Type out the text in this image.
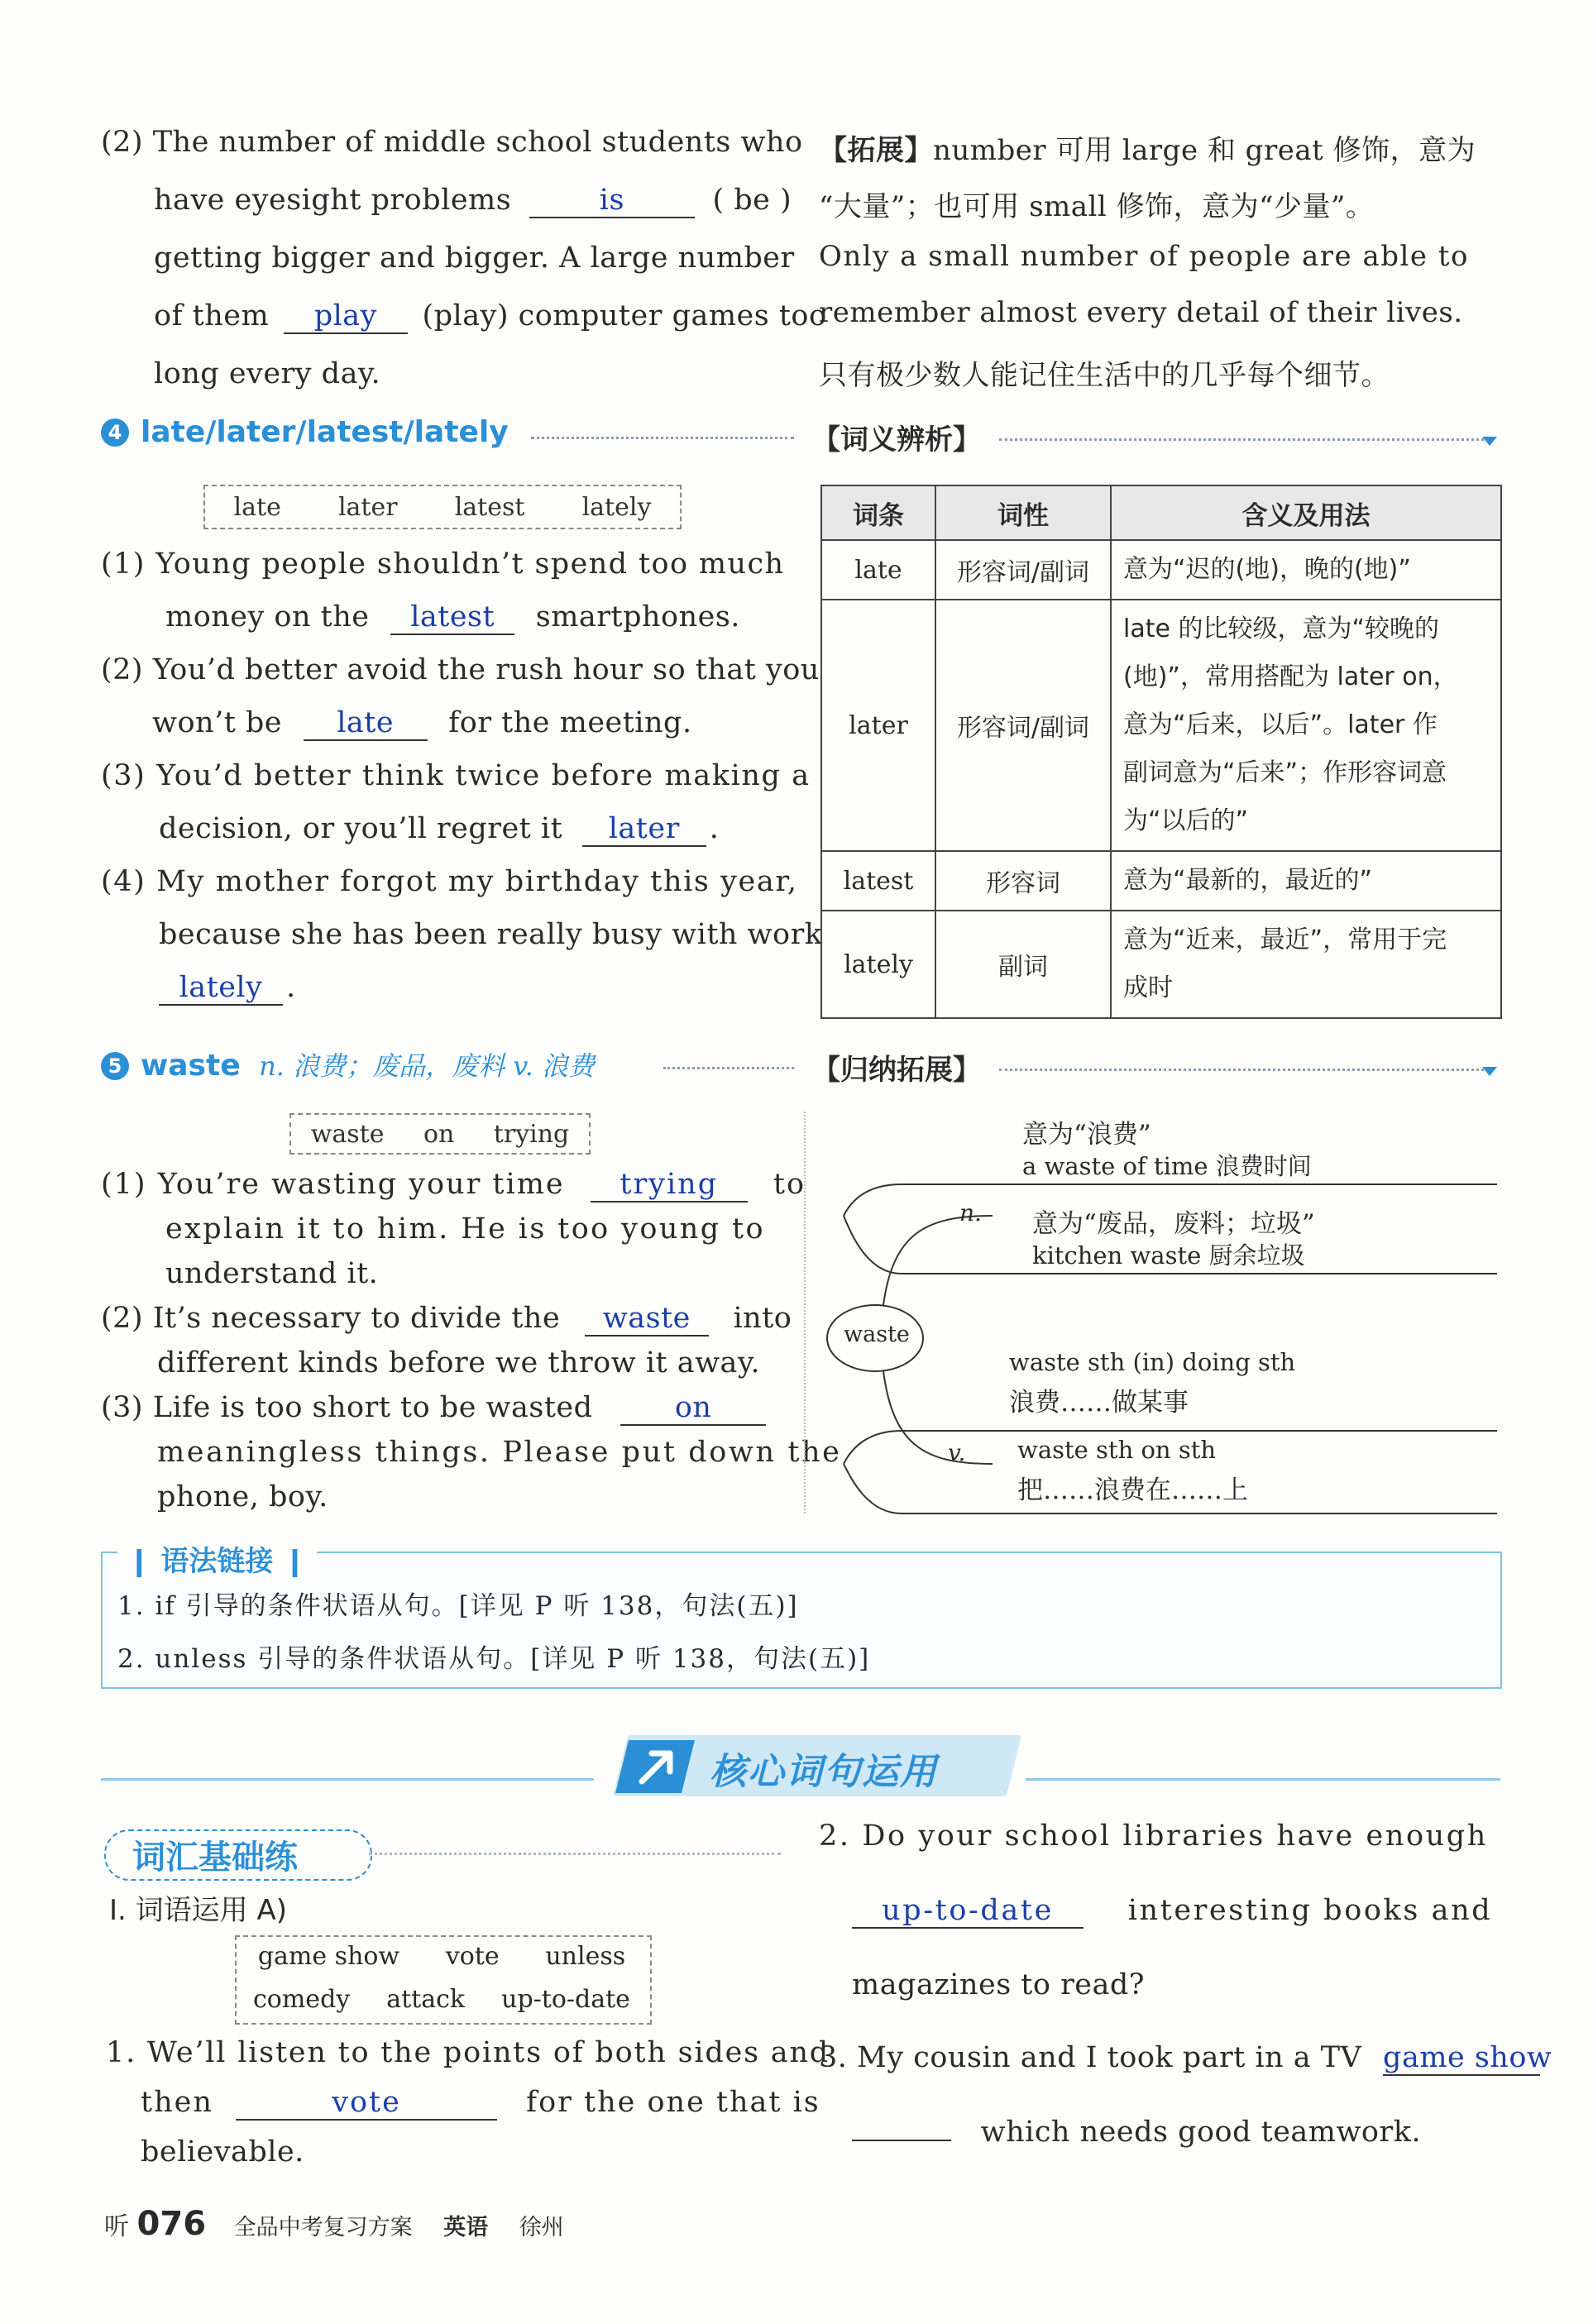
(2) The number of middle school students who
have eyesight problems	is	( be )
getting bigger and bigger. A large number
of them play (play) computer games too
long every day.
【拓展】number 可用 large 和 great 修饰，意为
“大量”；也可用 small 修饰，意为“少量”。
Only a small number of people are able to
remember almost every detail of their lives.
只有极少数人能记住生活中的几乎每个细节。
4 late/later/latest/lately
late later latest lately
(1) Young people shouldn’t spend too much
money on the latest smartphones.
(2) You’d better avoid the rush hour so that you
won’t be late for the meeting.
(3) You’d better think twice before making a
decision, or you’ll regret it later .
(4) My mother forgot my birthday this year,
because she has been really busy with work
lately .
【词义辨析】
词条	词性	含义及用法
late	形容词/副词	意为“迟的(地)，晚的(地)”
later	形容词/副词	late 的比较级，意为“较晚的
(地)”，常用搭配为 later on，
意为“后来，以后”。later 作
副词意为“后来”；作形容词意
为“以后的”

latest	形容词	意为“最新的，最近的”
lately	副词	意为“近来，最近”，常用于完
成时
5 waste n. 浪费；废品，废料 v. 浪费
waste on trying
(1) You’re wasting your time trying to
explain it to him. He is too young to
understand it.
(2) It’s necessary to divide the waste into
different kinds before we throw it away.
(3) Life is too short to be wasted	on
meaningless things. Please put down the
phone, boy.
【归纳拓展】
waste
n.
v.
意为“浪费”
a waste of time 浪费时间
意为“废品，废料；垃圾”
kitchen waste 厨余垃圾
waste sth (in) doing sth
浪费……做某事
waste sth on sth
把……浪费在……上
❙ 语法链接 ❙
1. if 引导的条件状语从句。[详见 P 听 138，句法(五)]
2. unless 引导的条件状语从句。[详见 P 听 138，句法(五)]
核心词句运用
词汇基础练
Ⅰ. 词语运用 A)
game show vote unless
comedy attack up-to-date
1. We’ll listen to the points of both sides and
then	vote	for the one that is
believable.
2. Do your school libraries have enough
up-to-date	interesting books and
magazines to read?
3. My cousin and I took part in a TV game show
which needs good teamwork.
听 076 全品中考复习方案 英语 徐州
